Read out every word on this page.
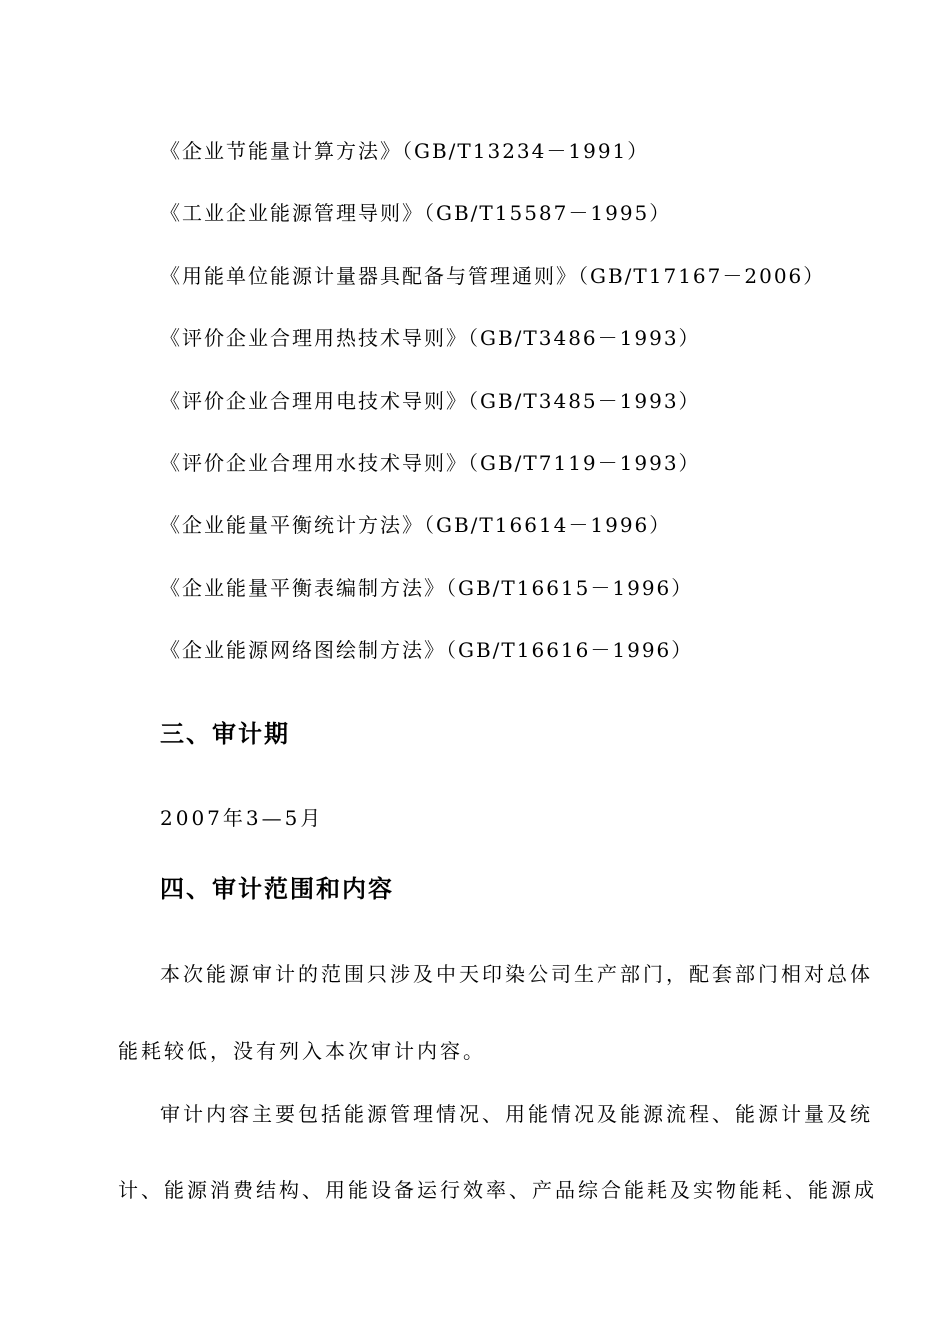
《企业节能量计算方法》（GB/T13234－1991）
《工业企业能源管理导则》（GB/T15587－1995）
《用能单位能源计量器具配备与管理通则》（GB/T17167－2006）
《评价企业合理用热技术导则》（GB/T3486－1993）
《评价企业合理用电技术导则》（GB/T3485－1993）
《评价企业合理用水技术导则》（GB/T7119－1993）
《企业能量平衡统计方法》（GB/T16614－1996）
《企业能量平衡表编制方法》（GB/T16615－1996）
《企业能源网络图绘制方法》（GB/T16616－1996）
三、审计期
2007年3—5月
四、审计范围和内容
本次能源审计的范围只涉及中天印染公司生产部门，配套部门相对总体
能耗较低，没有列入本次审计内容。
审计内容主要包括能源管理情况、用能情况及能源流程、能源计量及统
计、能源消费结构、用能设备运行效率、产品综合能耗及实物能耗、能源成
